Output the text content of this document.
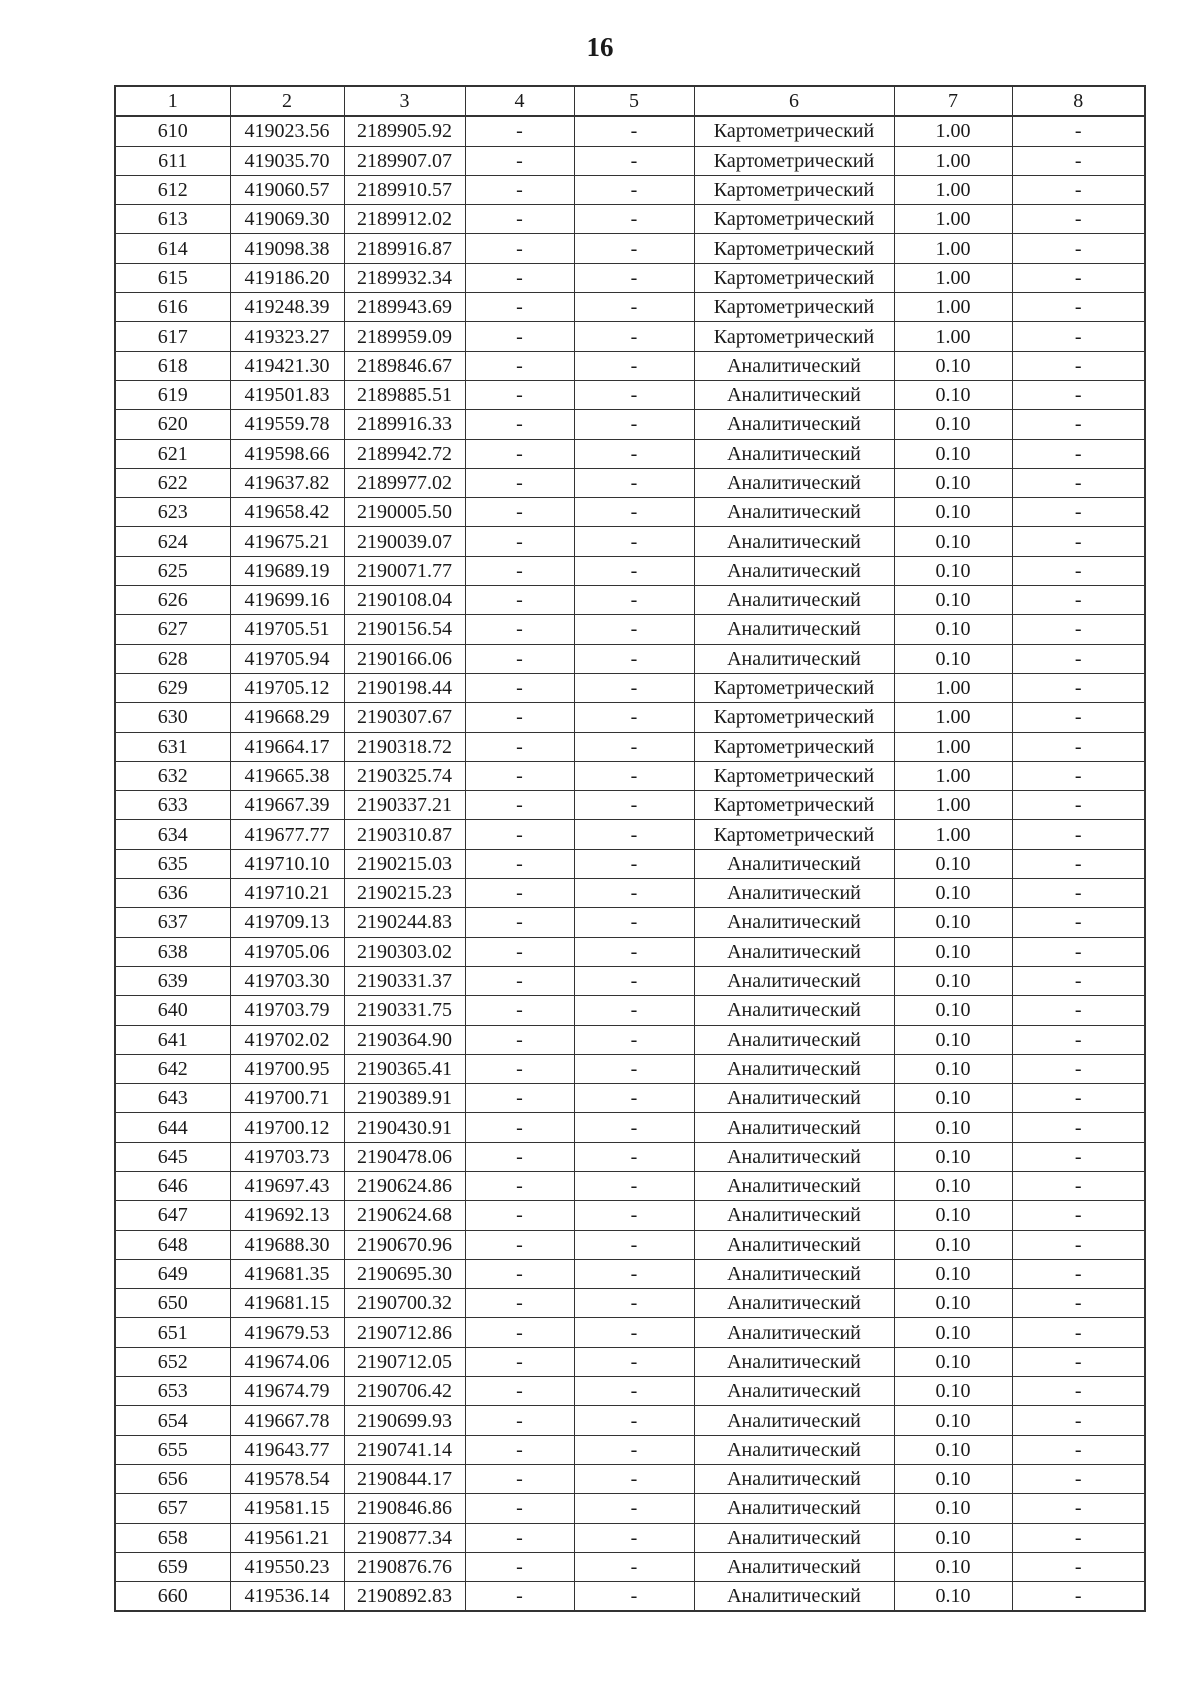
16
1	2	3	4	5	6	7	8
610	419023.56	2189905.92	-	-	Картометрический	1.00	-
611	419035.70	2189907.07	-	-	Картометрический	1.00	-
612	419060.57	2189910.57	-	-	Картометрический	1.00	-
613	419069.30	2189912.02	-	-	Картометрический	1.00	-
614	419098.38	2189916.87	-	-	Картометрический	1.00	-
615	419186.20	2189932.34	-	-	Картометрический	1.00	-
616	419248.39	2189943.69	-	-	Картометрический	1.00	-
617	419323.27	2189959.09	-	-	Картометрический	1.00	-
618	419421.30	2189846.67	-	-	Аналитический	0.10	-
619	419501.83	2189885.51	-	-	Аналитический	0.10	-
620	419559.78	2189916.33	-	-	Аналитический	0.10	-
621	419598.66	2189942.72	-	-	Аналитический	0.10	-
622	419637.82	2189977.02	-	-	Аналитический	0.10	-
623	419658.42	2190005.50	-	-	Аналитический	0.10	-
624	419675.21	2190039.07	-	-	Аналитический	0.10	-
625	419689.19	2190071.77	-	-	Аналитический	0.10	-
626	419699.16	2190108.04	-	-	Аналитический	0.10	-
627	419705.51	2190156.54	-	-	Аналитический	0.10	-
628	419705.94	2190166.06	-	-	Аналитический	0.10	-
629	419705.12	2190198.44	-	-	Картометрический	1.00	-
630	419668.29	2190307.67	-	-	Картометрический	1.00	-
631	419664.17	2190318.72	-	-	Картометрический	1.00	-
632	419665.38	2190325.74	-	-	Картометрический	1.00	-
633	419667.39	2190337.21	-	-	Картометрический	1.00	-
634	419677.77	2190310.87	-	-	Картометрический	1.00	-
635	419710.10	2190215.03	-	-	Аналитический	0.10	-
636	419710.21	2190215.23	-	-	Аналитический	0.10	-
637	419709.13	2190244.83	-	-	Аналитический	0.10	-
638	419705.06	2190303.02	-	-	Аналитический	0.10	-
639	419703.30	2190331.37	-	-	Аналитический	0.10	-
640	419703.79	2190331.75	-	-	Аналитический	0.10	-
641	419702.02	2190364.90	-	-	Аналитический	0.10	-
642	419700.95	2190365.41	-	-	Аналитический	0.10	-
643	419700.71	2190389.91	-	-	Аналитический	0.10	-
644	419700.12	2190430.91	-	-	Аналитический	0.10	-
645	419703.73	2190478.06	-	-	Аналитический	0.10	-
646	419697.43	2190624.86	-	-	Аналитический	0.10	-
647	419692.13	2190624.68	-	-	Аналитический	0.10	-
648	419688.30	2190670.96	-	-	Аналитический	0.10	-
649	419681.35	2190695.30	-	-	Аналитический	0.10	-
650	419681.15	2190700.32	-	-	Аналитический	0.10	-
651	419679.53	2190712.86	-	-	Аналитический	0.10	-
652	419674.06	2190712.05	-	-	Аналитический	0.10	-
653	419674.79	2190706.42	-	-	Аналитический	0.10	-
654	419667.78	2190699.93	-	-	Аналитический	0.10	-
655	419643.77	2190741.14	-	-	Аналитический	0.10	-
656	419578.54	2190844.17	-	-	Аналитический	0.10	-
657	419581.15	2190846.86	-	-	Аналитический	0.10	-
658	419561.21	2190877.34	-	-	Аналитический	0.10	-
659	419550.23	2190876.76	-	-	Аналитический	0.10	-
660	419536.14	2190892.83	-	-	Аналитический	0.10	-
